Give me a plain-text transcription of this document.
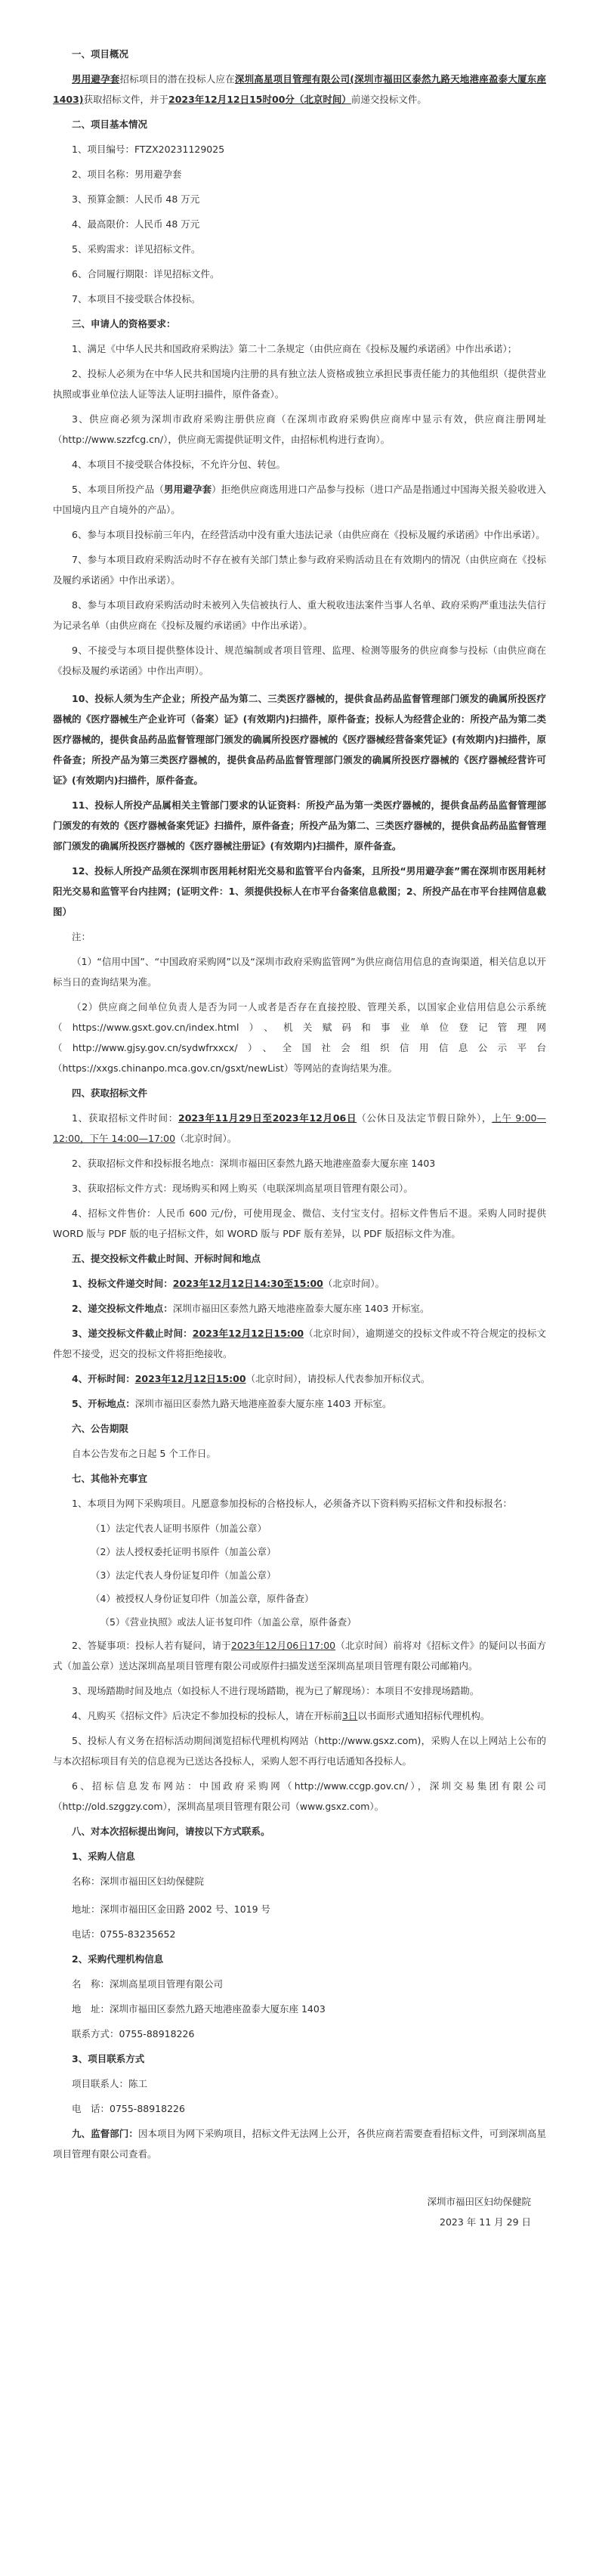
一、项目概况

男用避孕套招标项目的潜在投标人应在深圳高星项目管理有限公司(深圳市福田区泰然九路天地港座盈泰大厦东座1403)获取招标文件，并于2023年12月12日15时00分（北京时间）前递交投标文件。

二、项目基本情况

1、项目编号：FTZX20231129025

2、项目名称：男用避孕套

3、预算金额：人民币 48 万元

4、最高限价：人民币 48 万元

5、采购需求：详见招标文件。

6、合同履行期限：详见招标文件。

7、本项目不接受联合体投标。

三、申请人的资格要求：

1、满足《中华人民共和国政府采购法》第二十二条规定（由供应商在《投标及履约承诺函》中作出承诺）；

2、投标人必须为在中华人民共和国境内注册的具有独立法人资格或独立承担民事责任能力的其他组织（提供营业执照或事业单位法人证等法人证明扫描件，原件备查）。

3、供应商必须为深圳市政府采购注册供应商（在深圳市政府采购供应商库中显示有效，供应商注册网址（http://www.szzfcg.cn/），供应商无需提供证明文件，由招标机构进行查询）。

4、本项目不接受联合体投标，不允许分包、转包。

5、本项目所投产品（男用避孕套）拒绝供应商选用进口产品参与投标（进口产品是指通过中国海关报关验收进入中国境内且产自境外的产品）。

6、参与本项目投标前三年内，在经营活动中没有重大违法记录（由供应商在《投标及履约承诺函》中作出承诺）。

7、参与本项目政府采购活动时不存在被有关部门禁止参与政府采购活动且在有效期内的情况（由供应商在《投标及履约承诺函》中作出承诺）。

8、参与本项目政府采购活动时未被列入失信被执行人、重大税收违法案件当事人名单、政府采购严重违法失信行为记录名单（由供应商在《投标及履约承诺函》中作出承诺）。

9、不接受与本项目提供整体设计、规范编制或者项目管理、监理、检测等服务的供应商参与投标（由供应商在《投标及履约承诺函》中作出声明）。

10、投标人须为生产企业；所投产品为第二、三类医疗器械的，提供食品药品监督管理部门颁发的确属所投医疗器械的《医疗器械生产企业许可（备案）证》(有效期内)扫描件，原件备查；投标人为经营企业的：所投产品为第二类医疗器械的，提供食品药品监督管理部门颁发的确属所投医疗器械的《医疗器械经营备案凭证》(有效期内)扫描件，原件备查；所投产品为第三类医疗器械的，提供食品药品监督管理部门颁发的确属所投医疗器械的《医疗器械经营许可证》(有效期内)扫描件，原件备查。

11、投标人所投产品属相关主管部门要求的认证资料：所投产品为第一类医疗器械的，提供食品药品监督管理部门颁发的有效的《医疗器械备案凭证》扫描件，原件备查；所投产品为第二、三类医疗器械的，提供食品药品监督管理部门颁发的确属所投医疗器械的《医疗器械注册证》(有效期内)扫描件，原件备查。

12、投标人所投产品须在深圳市医用耗材阳光交易和监管平台内备案，且所投“男用避孕套”需在深圳市医用耗材阳光交易和监管平台内挂网；(证明文件：1、须提供投标人在市平台备案信息截图；2、所投产品在市平台挂网信息截图）

注：

（1）“信用中国”、“中国政府采购网”以及“深圳市政府采购监管网”为供应商信用信息的查询渠道，相关信息以开标当日的查询结果为准。

（2）供应商之间单位负责人是否为同一人或者是否存在直接控股、管理关系，以国家企业信用信息公示系统（https://www.gsxt.gov.cn/index.html）、机关赋码和事业单位登记管理网（http://www.gjsy.gov.cn/sydwfrxxcx/）、全国社会组织信用信息公示平台（https://xxgs.chinanpo.mca.gov.cn/gsxt/newList）等网站的查询结果为准。

四、获取招标文件

1、获取招标文件时间：2023年11月29日至2023年12月06日（公休日及法定节假日除外），上午 9:00—12:00，下午 14:00—17:00（北京时间）。

2、获取招标文件和投标报名地点：深圳市福田区泰然九路天地港座盈泰大厦东座 1403

3、获取招标文件方式：现场购买和网上购买（电联深圳高星项目管理有限公司）。

4、招标文件售价：人民币 600 元/份，可使用现金、微信、支付宝支付。招标文件售后不退。采购人同时提供 WORD 版与 PDF 版的电子招标文件，如 WORD 版与 PDF 版有差异，以 PDF 版招标文件为准。

五、提交投标文件截止时间、开标时间和地点

1、投标文件递交时间：2023年12月12日14:30至15:00（北京时间）。

2、递交投标文件地点：深圳市福田区泰然九路天地港座盈泰大厦东座 1403 开标室。

3、递交投标文件截止时间：2023年12月12日15:00（北京时间），逾期递交的投标文件或不符合规定的投标文件恕不接受，迟交的投标文件将拒绝接收。

4、开标时间：2023年12月12日15:00（北京时间），请投标人代表参加开标仪式。

5、开标地点：深圳市福田区泰然九路天地港座盈泰大厦东座 1403 开标室。

六、公告期限

自本公告发布之日起 5 个工作日。

七、其他补充事宜

1、本项目为网下采购项目。凡愿意参加投标的合格投标人，必须备齐以下资料购买招标文件和投标报名：

（1）法定代表人证明书原件（加盖公章）

（2）法人授权委托证明书原件（加盖公章）

（3）法定代表人身份证复印件（加盖公章）

（4）被授权人身份证复印件（加盖公章，原件备查）

（5）《营业执照》或法人证书复印件（加盖公章，原件备查）

2、答疑事项：投标人若有疑问，请于2023年12月06日17:00（北京时间）前将对《招标文件》的疑问以书面方式（加盖公章）送达深圳高星项目管理有限公司或原件扫描发送至深圳高星项目管理有限公司邮箱内。

3、现场踏勘时间及地点（如投标人不进行现场踏勘，视为已了解现场）：本项目不安排现场踏勘。

4、凡购买《招标文件》后决定不参加投标的投标人，请在开标前3日以书面形式通知招标代理机构。

5、投标人有义务在招标活动期间浏览招标代理机构网站（http://www.gsxz.com)，采购人在以上网站上公布的与本次招标项目有关的信息视为已送达各投标人，采购人恕不再行电话通知各投标人。

6、招标信息发布网站：中国政府采购网（http://www.ccgp.gov.cn/），深圳交易集团有限公司（http://old.szggzy.com），深圳高星项目管理有限公司（www.gsxz.com）。

八、对本次招标提出询问，请按以下方式联系。

1、采购人信息

名称：深圳市福田区妇幼保健院

地址：深圳市福田区金田路 2002 号、1019 号

电话：0755-83235652

2、采购代理机构信息

名　称：深圳高星项目管理有限公司

地　址：深圳市福田区泰然九路天地港座盈泰大厦东座 1403

联系方式：0755-88918226

3、项目联系方式

项目联系人：陈工

电　话：0755-88918226

九、监督部门：因本项目为网下采购项目，招标文件无法网上公开，各供应商若需要查看招标文件，可到深圳高星项目管理有限公司查看。

深圳市福田区妇幼保健院

2023 年 11 月 29 日
